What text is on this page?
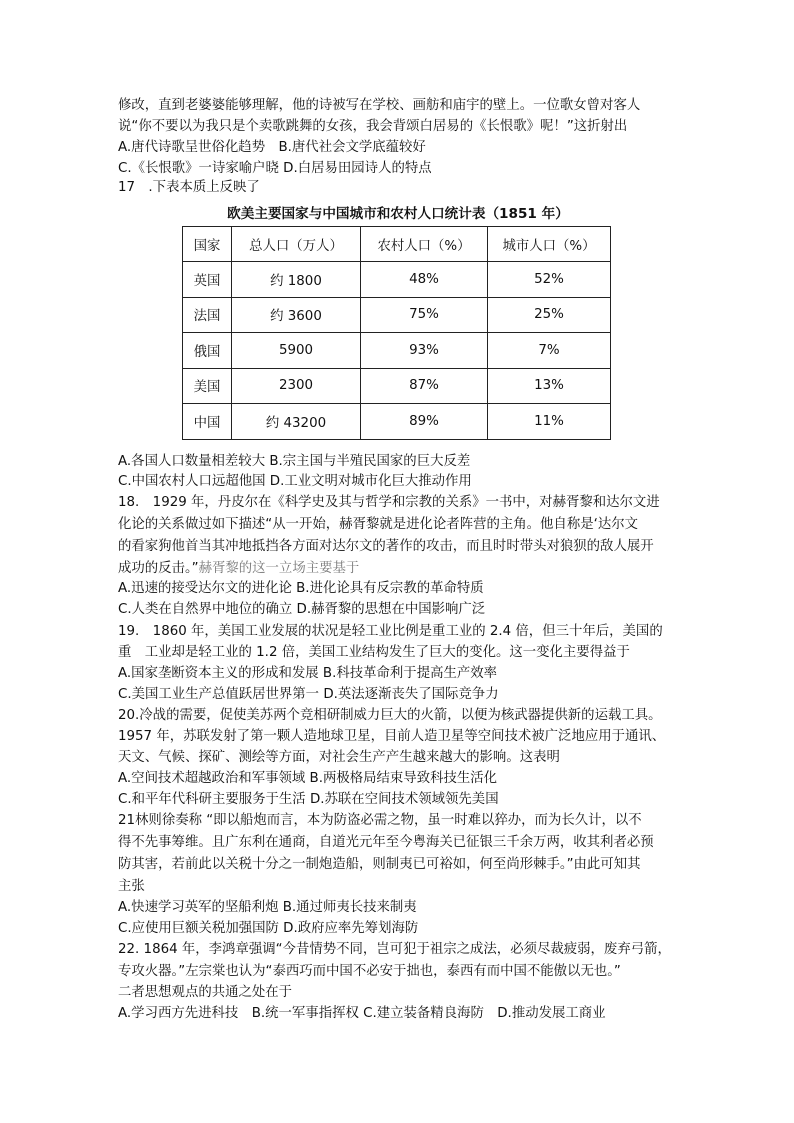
修改，直到老婆婆能够理解，他的诗被写在学校、画舫和庙宇的壁上。一位歌女曾对客人
说“你不要以为我只是个卖歌跳舞的女孩，我会背颂白居易的《长恨歌》呢！”这折射出
A.唐代诗歌呈世俗化趋势　B.唐代社会文学底蕴较好
C.《长恨歌》一诗家喻户晓 D.白居易田园诗人的特点
17　.下表本质上反映了
欧美主要国家与中国城市和农村人口统计表（1851 年）
国家	总人口（万人）	农村人口（%）	城市人口（%）
英国	约 1800	48%	52%
法国	约 3600	75%	25%
俄国	5900	93%	7%
美国	2300	87%	13%
中国	约 43200	89%	11%
A.各国人口数量相差较大 B.宗主国与半殖民国家的巨大反差
C.中国农村人口远超他国 D.工业文明对城市化巨大推动作用
18.　1929 年，丹皮尔在《科学史及其与哲学和宗教的关系》一书中，对赫胥黎和达尔文进
化论的关系做过如下描述“从一开始，赫胥黎就是进化论者阵营的主角。他自称是‘达尔文
的看家狗他首当其冲地抵挡各方面对达尔文的著作的攻击，而且时时带头对狼狈的敌人展开
成功的反击。”赫胥黎的这一立场主要基于
A.迅速的接受达尔文的进化论 B.进化论具有反宗教的革命特质
C.人类在自然界中地位的确立 D.赫胥黎的思想在中国影响广泛
19.　1860 年，美国工业发展的状况是轻工业比例是重工业的 2.4 倍，但三十年后，美国的
重　工业却是轻工业的 1.2 倍，美国工业结构发生了巨大的变化。这一变化主要得益于
A.国家垄断资本主义的形成和发展 B.科技革命利于提高生产效率
C.美国工业生产总值跃居世界第一 D.英法逐渐丧失了国际竞争力
20.冷战的需要，促使美苏两个竞相研制威力巨大的火箭，以便为核武器提供新的运载工具。
1957 年，苏联发射了第一颗人造地球卫星，目前人造卫星等空间技术被广泛地应用于通讯、
天文、气候、探矿、测绘等方面，对社会生产产生越来越大的影响。这表明
A.空间技术超越政治和军事领域 B.两极格局结束导致科技生活化
C.和平年代科研主要服务于生活 D.苏联在空间技术领域领先美国
21林则徐奏称 “即以船炮而言，本为防盗必需之物，虽一时难以猝办，而为长久计，以不
得不先事筹维。且广东利在通商，自道光元年至今粤海关已征银三千余万两，收其利者必预
防其害，若前此以关税十分之一制炮造船，则制夷已可裕如，何至尚形棘手。”由此可知其
主张
A.快速学习英军的坚船利炮 B.通过师夷长技来制夷
C.应使用巨额关税加强国防 D.政府应率先筹划海防
22. 1864 年，李鸿章强调“今昔情势不同，岂可犯于祖宗之成法，必须尽裁疲弱，废弃弓箭，
专攻火器。”左宗棠也认为“泰西巧而中国不必安于拙也，泰西有而中国不能傲以无也。”
二者思想观点的共通之处在于
A.学习西方先进科技　B.统一军事指挥权 C.建立装备精良海防　D.推动发展工商业
